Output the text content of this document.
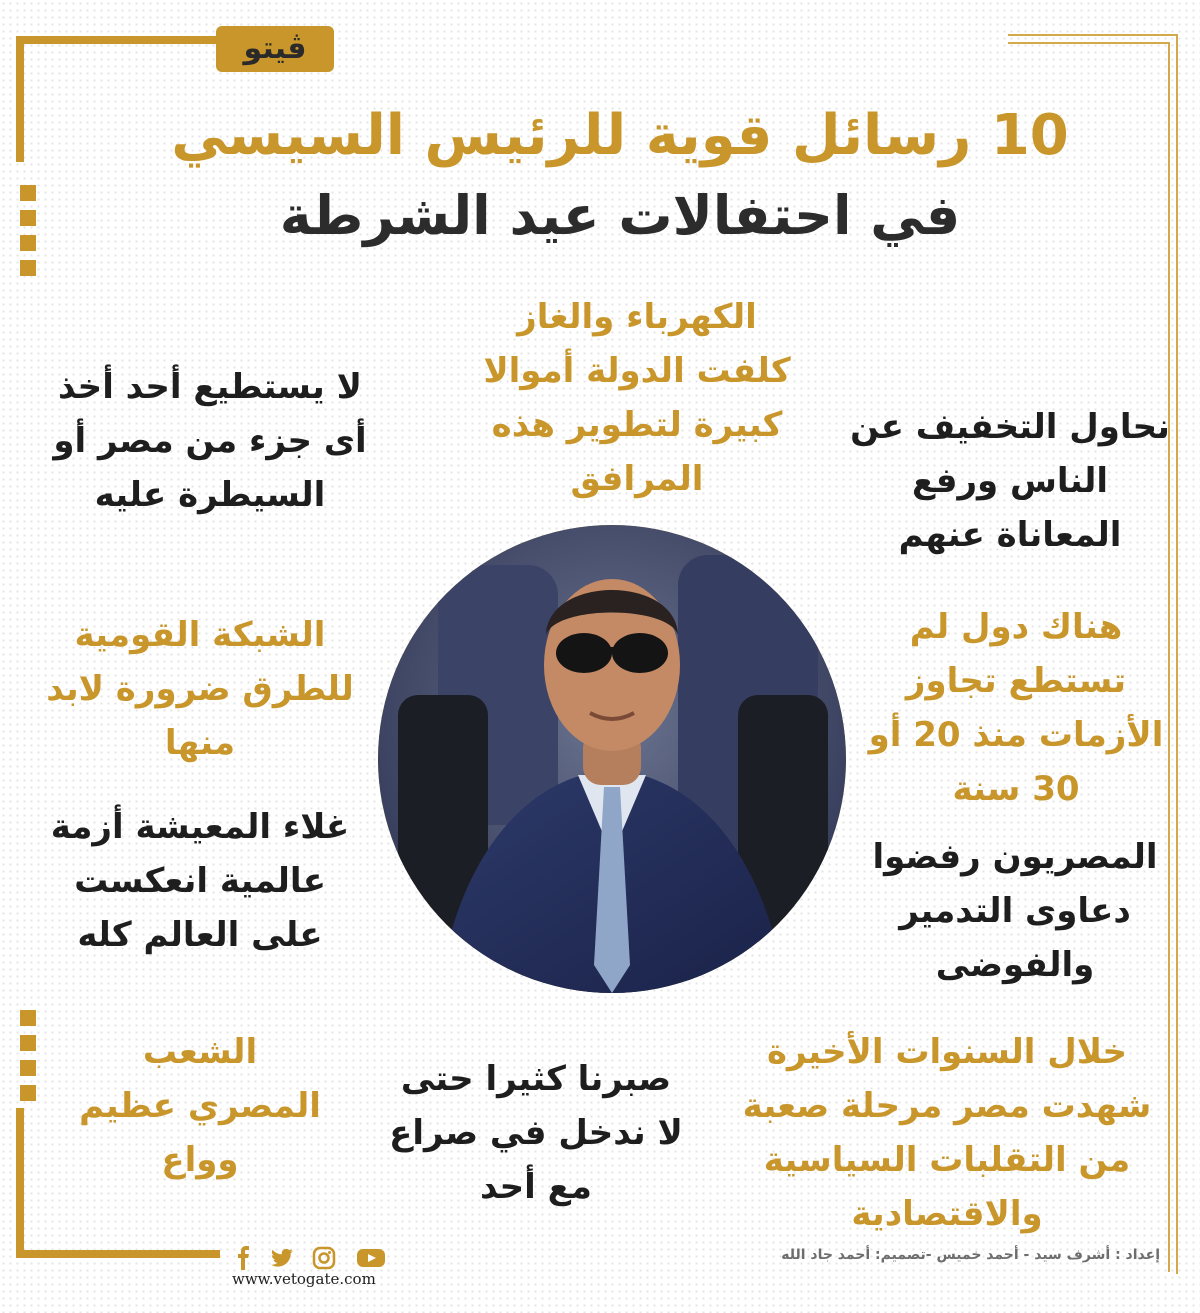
ڤيتو
10 رسائل قوية للرئيس السيسي
في احتفالات عيد الشرطة
الكهرباء والغاز
كلفت الدولة أموالا
كبيرة لتطوير هذه
المرافق
لا يستطيع أحد أخذ
أى جزء من مصر أو
السيطرة عليه
نحاول التخفيف عن
الناس ورفع
المعاناة عنهم
الشبكة القومية
للطرق ضرورة لابد
منها
هناك دول لم
تستطع تجاوز
الأزمات منذ 20 أو
30 سنة
غلاء المعيشة أزمة
عالمية انعكست
على العالم كله
المصريون رفضوا
دعاوى التدمير
والفوضى
الشعب
المصري عظيم
وواع
صبرنا كثيرا حتى
لا ندخل في صراع
مع أحد
خلال السنوات الأخيرة
شهدت مصر مرحلة صعبة
من التقلبات السياسية
والاقتصادية
إعداد : أشرف سيد - أحمد خميس -تصميم: أحمد جاد الله
www.vetogate.com
